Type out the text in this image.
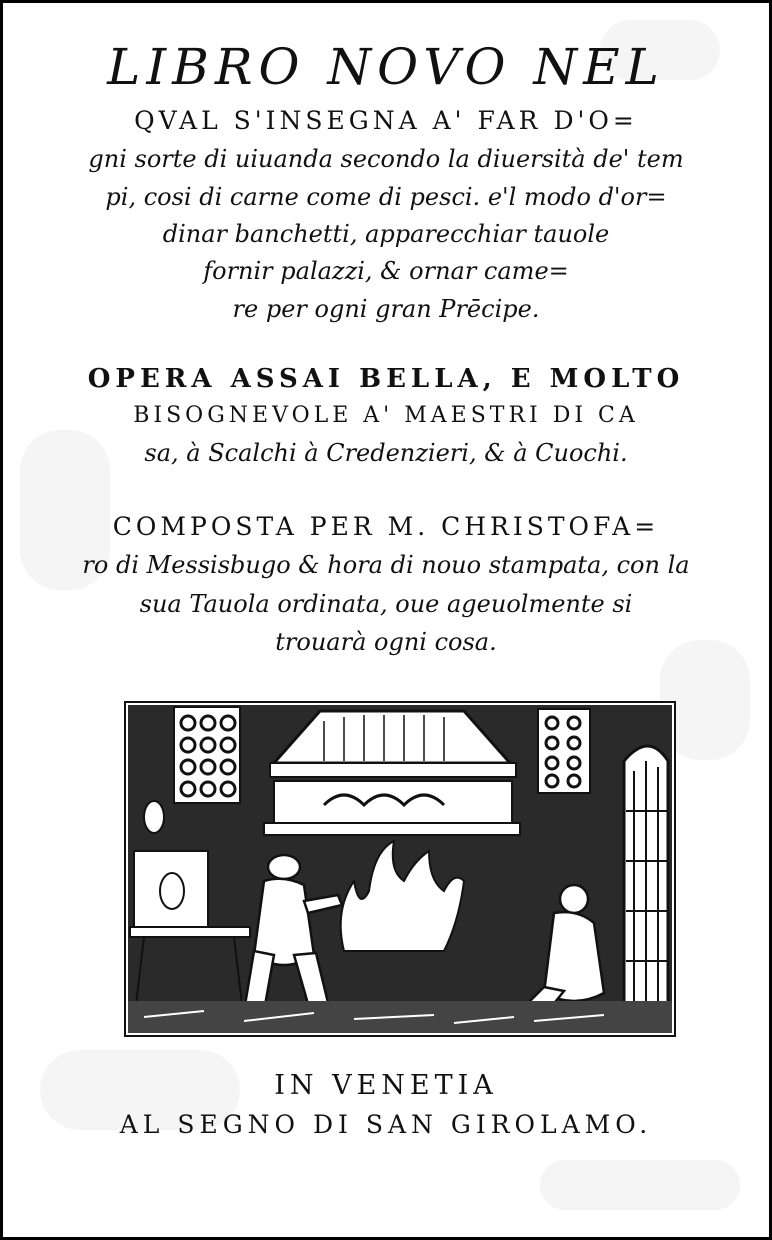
LIBRO NOVO NEL
QVAL S'INSEGNA A' FAR D'O=
gni sorte di uiuanda secondo la diuersità de' tem
pi, cosi di carne come di pesci. e'l modo d'or=
dinar banchetti, apparecchiar tauole
fornir palazzi, & ornar came=
re per ogni gran Prēcipe.
OPERA ASSAI BELLA, E MOLTO
BISOGNEVOLE A' MAESTRI DI CA
sa, à Scalchi à Credenzieri, & à Cuochi.
COMPOSTA PER M. CHRISTOFA=
ro di Messisbugo & hora di nouo stampata, con la
sua Tauola ordinata, oue ageuolmente si
trouarà ogni cosa.
IN VENETIA
AL SEGNO DI SAN GIROLAMO.
